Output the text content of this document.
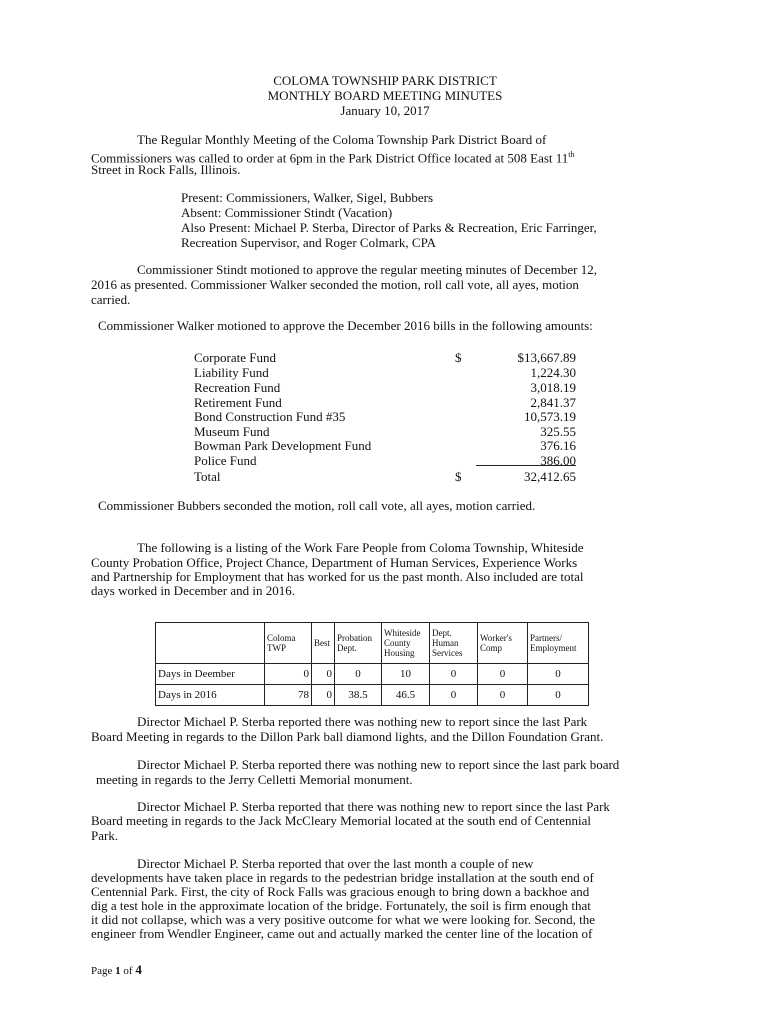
COLOMA TOWNSHIP PARK DISTRICT
MONTHLY BOARD MEETING MINUTES
January 10, 2017
The Regular Monthly Meeting of the Coloma Township Park District Board of
Commissioners was called to order at 6pm in the Park District Office located at 508 East 11th
Street in Rock Falls, Illinois.
Present: Commissioners, Walker, Sigel, Bubbers
Absent: Commissioner Stindt (Vacation)
Also Present: Michael P. Sterba, Director of Parks & Recreation, Eric Farringer,
Recreation Supervisor, and Roger Colmark, CPA
Commissioner Stindt motioned to approve the regular meeting minutes of December 12,
2016 as presented. Commissioner Walker seconded the motion, roll call vote, all ayes, motion
carried.
Commissioner Walker motioned to approve the December 2016 bills in the following amounts:
Corporate Fund	$	$13,667.89
Liability Fund	1,224.30
Recreation Fund	3,018.19
Retirement Fund	2,841.37
Bond Construction Fund #35	10,573.19
Museum Fund	325.55
Bowman Park Development Fund	376.16
Police Fund	386.00
Total	$	32,412.65
Commissioner Bubbers seconded the motion, roll call vote, all ayes, motion carried.
The following is a listing of the Work Fare People from Coloma Township, Whiteside
County Probation Office, Project Chance, Department of Human Services, Experience Works
and Partnership for Employment that has worked for us the past month. Also included are total
days worked in December and in 2016.
	Coloma TWP	Best	Probation Dept.	Whiteside County Housing	Dept. Human Services	Worker's Comp	Partners/ Employment
Days in Deember	0	0	0	10	0	0	0
Days in 2016	78	0	38.5	46.5	0	0	0
Director Michael P. Sterba reported there was nothing new to report since the last Park
Board Meeting in regards to the Dillon Park ball diamond lights, and the Dillon Foundation Grant.
Director Michael P. Sterba reported there was nothing new to report since the last park board
meeting in regards to the Jerry Celletti Memorial monument.
Director Michael P. Sterba reported that there was nothing new to report since the last Park
Board meeting in regards to the Jack McCleary Memorial located at the south end of Centennial
Park.
Director Michael P. Sterba reported that over the last month a couple of new
developments have taken place in regards to the pedestrian bridge installation at the south end of
Centennial Park. First, the city of Rock Falls was gracious enough to bring down a backhoe and
dig a test hole in the approximate location of the bridge. Fortunately, the soil is firm enough that
it did not collapse, which was a very positive outcome for what we were looking for. Second, the
engineer from Wendler Engineer, came out and actually marked the center line of the location of
Page 1 of 4
